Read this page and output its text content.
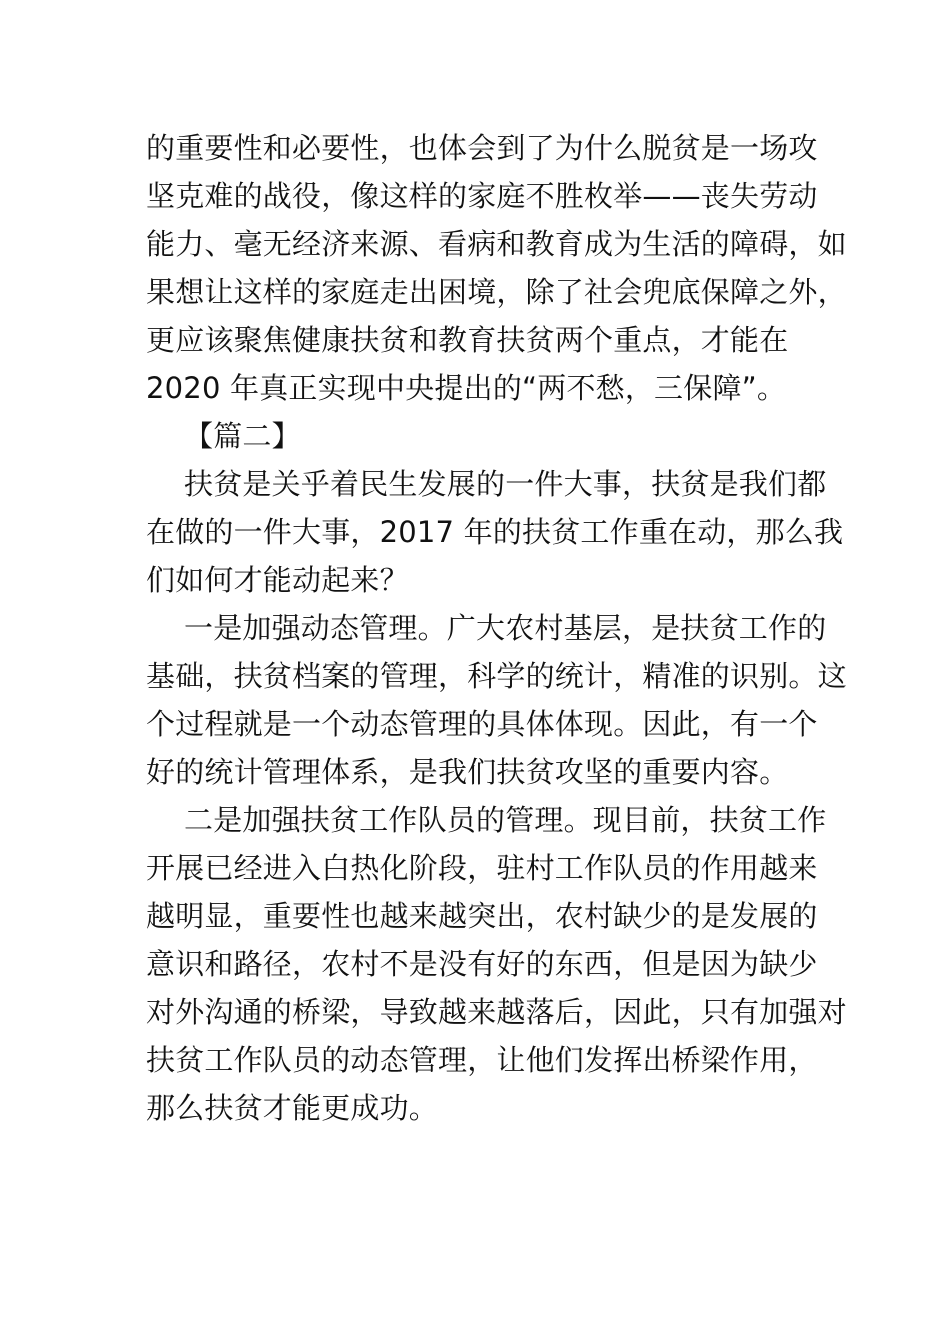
的重要性和必要性，也体会到了为什么脱贫是一场攻
坚克难的战役，像这样的家庭不胜枚举——丧失劳动
能力、毫无经济来源、看病和教育成为生活的障碍，如
果想让这样的家庭走出困境，除了社会兜底保障之外，
更应该聚焦健康扶贫和教育扶贫两个重点，才能在
2020 年真正实现中央提出的“两不愁，三保障”。
【篇二】
扶贫是关乎着民生发展的一件大事，扶贫是我们都
在做的一件大事，2017 年的扶贫工作重在动，那么我
们如何才能动起来？
一是加强动态管理。广大农村基层，是扶贫工作的
基础，扶贫档案的管理，科学的统计，精准的识别。这
个过程就是一个动态管理的具体体现。因此，有一个
好的统计管理体系，是我们扶贫攻坚的重要内容。
二是加强扶贫工作队员的管理。现目前，扶贫工作
开展已经进入白热化阶段，驻村工作队员的作用越来
越明显，重要性也越来越突出，农村缺少的是发展的
意识和路径，农村不是没有好的东西，但是因为缺少
对外沟通的桥梁，导致越来越落后，因此，只有加强对
扶贫工作队员的动态管理，让他们发挥出桥梁作用，
那么扶贫才能更成功。
